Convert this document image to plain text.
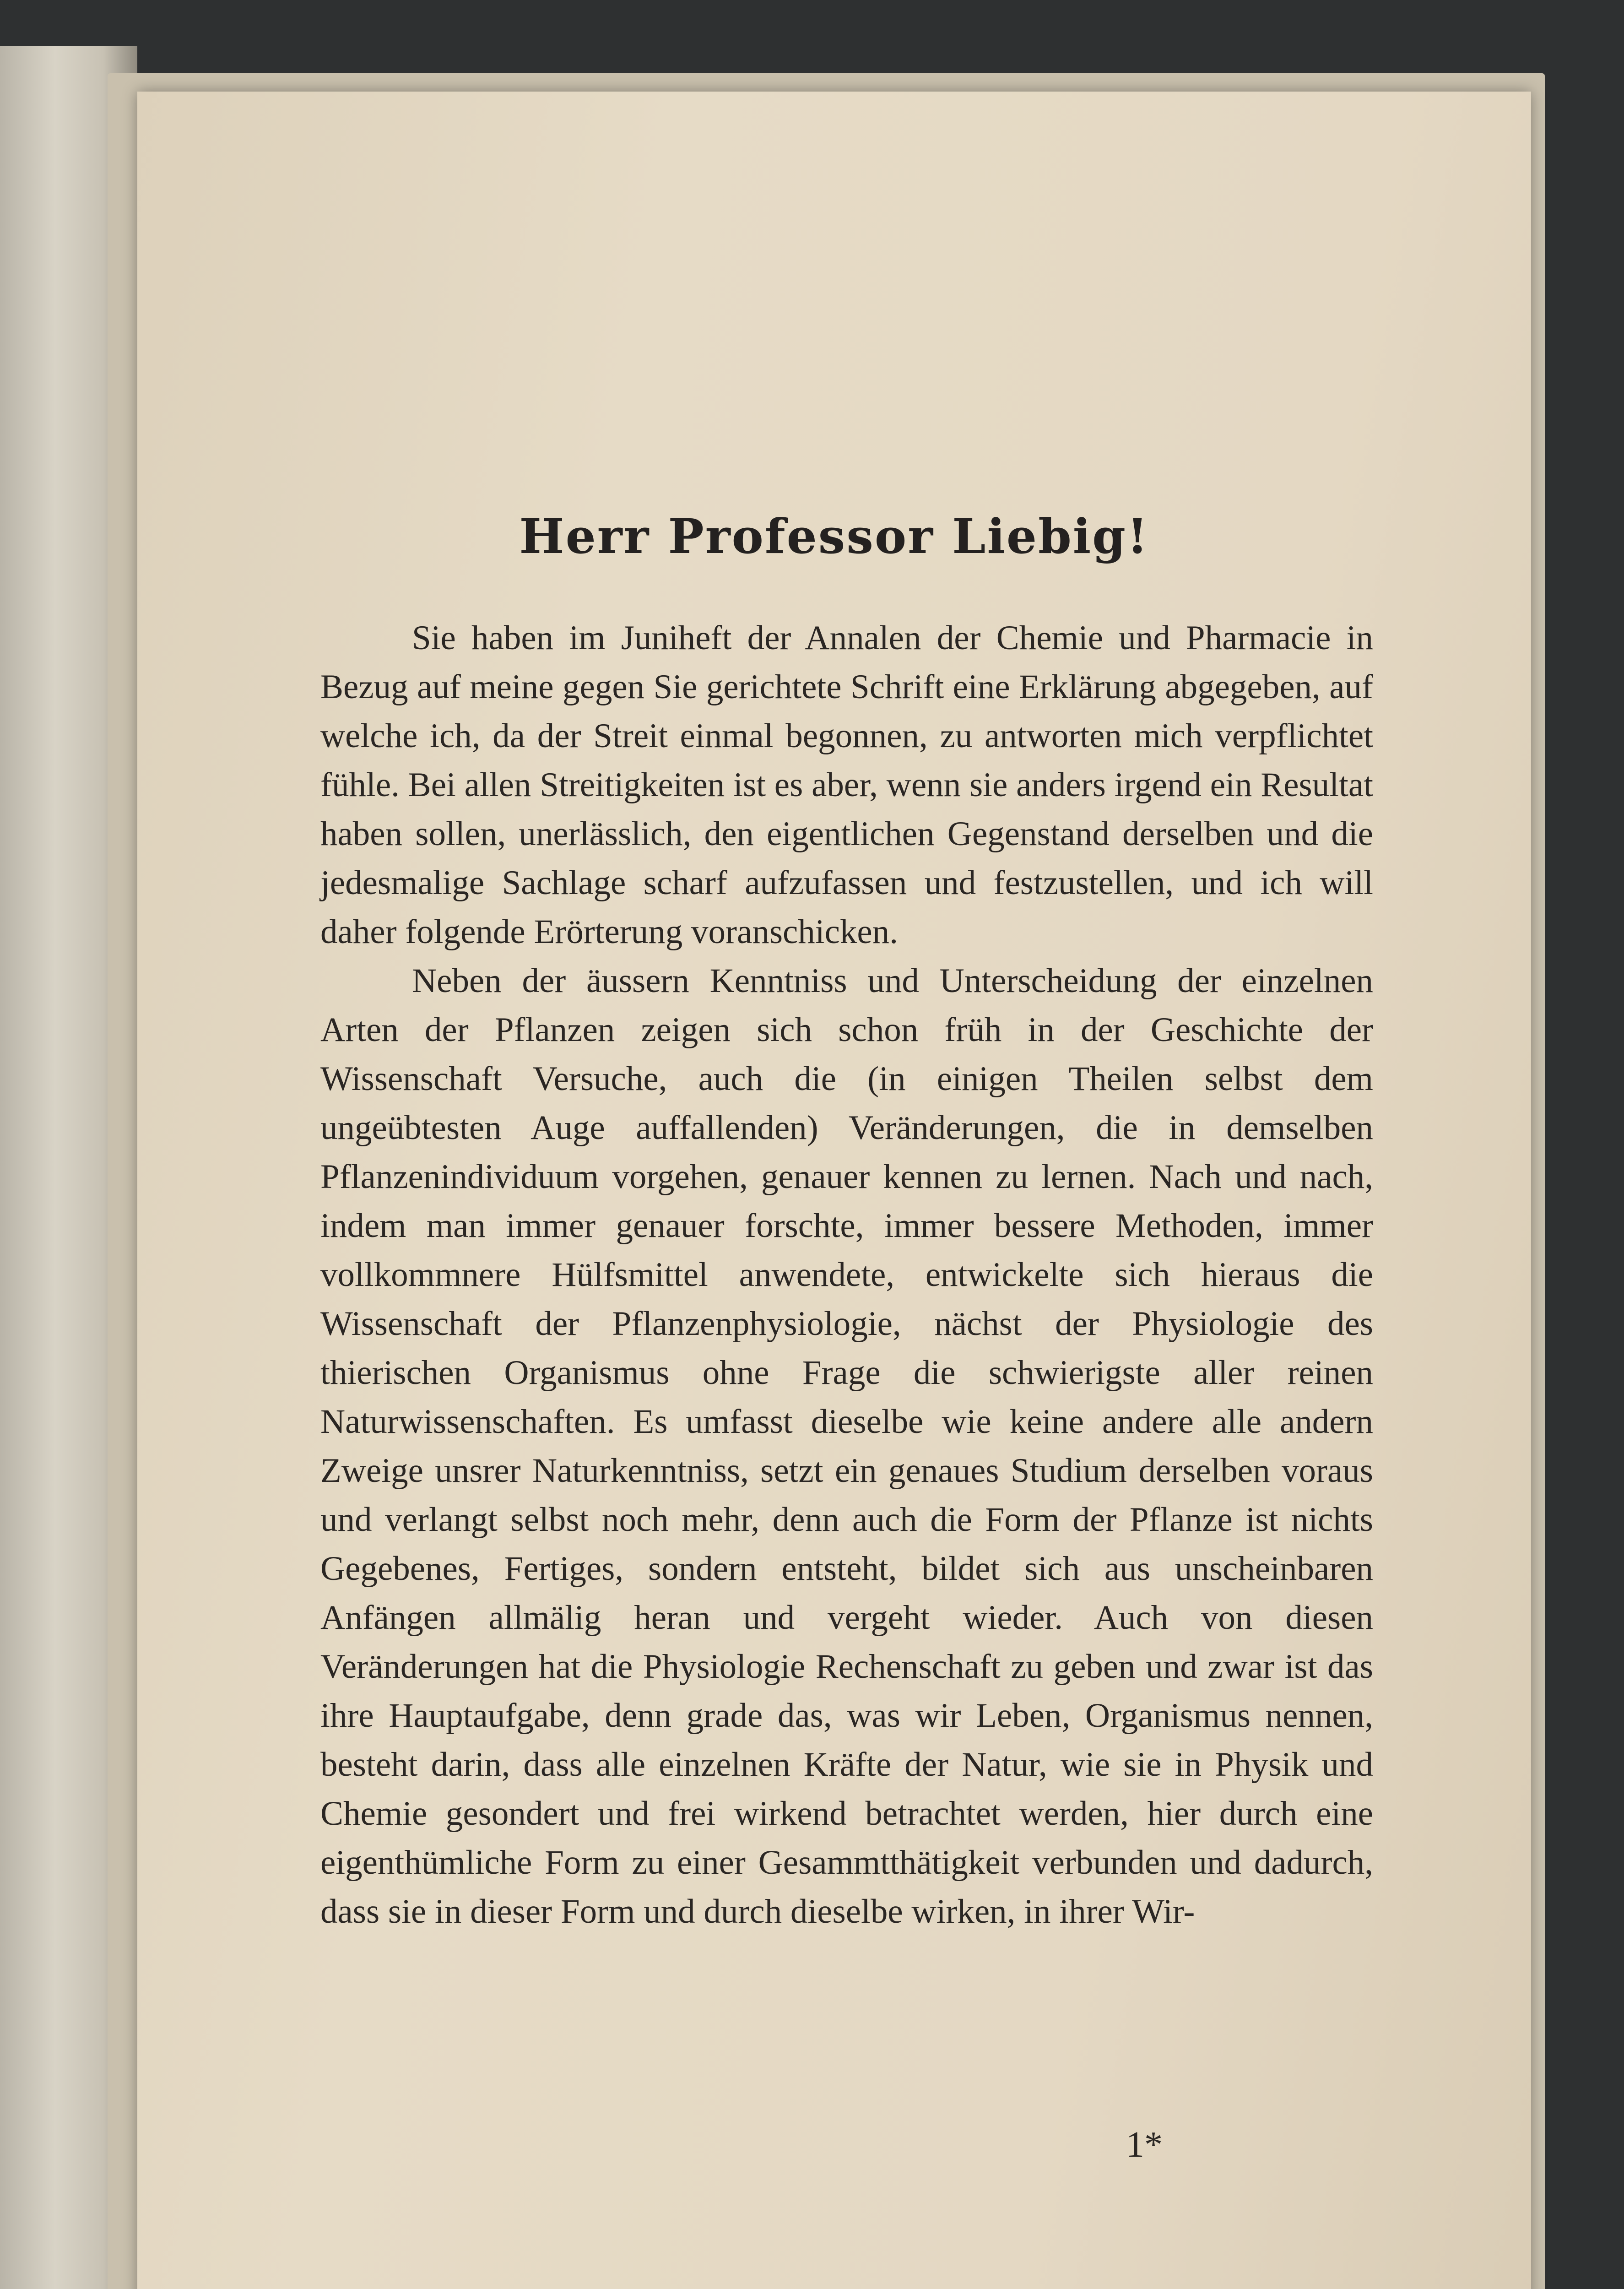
Herr Professor Liebig!

Sie haben im Juniheft der Annalen der Chemie und Pharmacie in Bezug auf meine gegen Sie gerichtete Schrift eine Erklärung abgegeben, auf welche ich, da der Streit einmal begonnen, zu antworten mich verpflichtet fühle. Bei allen Streitigkeiten ist es aber, wenn sie anders irgend ein Resultat haben sollen, unerlässlich, den eigentlichen Gegenstand derselben und die jedesmalige Sachlage scharf aufzufassen und festzustellen, und ich will daher folgende Erörterung voranschicken.

Neben der äussern Kenntniss und Unterscheidung der einzelnen Arten der Pflanzen zeigen sich schon früh in der Geschichte der Wissenschaft Versuche, auch die (in einigen Theilen selbst dem ungeübtesten Auge auffallenden) Veränderungen, die in demselben Pflanzenindividuum vorgehen, genauer kennen zu lernen. Nach und nach, indem man immer genauer forschte, immer bessere Methoden, immer vollkommnere Hülfsmittel anwendete, entwickelte sich hieraus die Wissenschaft der Pflanzenphysiologie, nächst der Physiologie des thierischen Organismus ohne Frage die schwierigste aller reinen Naturwissenschaften. Es umfasst dieselbe wie keine andere alle andern Zweige unsrer Naturkenntniss, setzt ein genaues Studium derselben voraus und verlangt selbst noch mehr, denn auch die Form der Pflanze ist nichts Gegebenes, Fertiges, sondern entsteht, bildet sich aus unscheinbaren Anfängen allmälig heran und vergeht wieder. Auch von diesen Veränderungen hat die Physiologie Rechenschaft zu geben und zwar ist das ihre Hauptaufgabe, denn grade das, was wir Leben, Organismus nennen, besteht darin, dass alle einzelnen Kräfte der Natur, wie sie in Physik und Chemie gesondert und frei wirkend betrachtet werden, hier durch eine eigenthümliche Form zu einer Gesammtthätigkeit verbunden und dadurch, dass sie in dieser Form und durch dieselbe wirken, in ihrer Wir-

1*
